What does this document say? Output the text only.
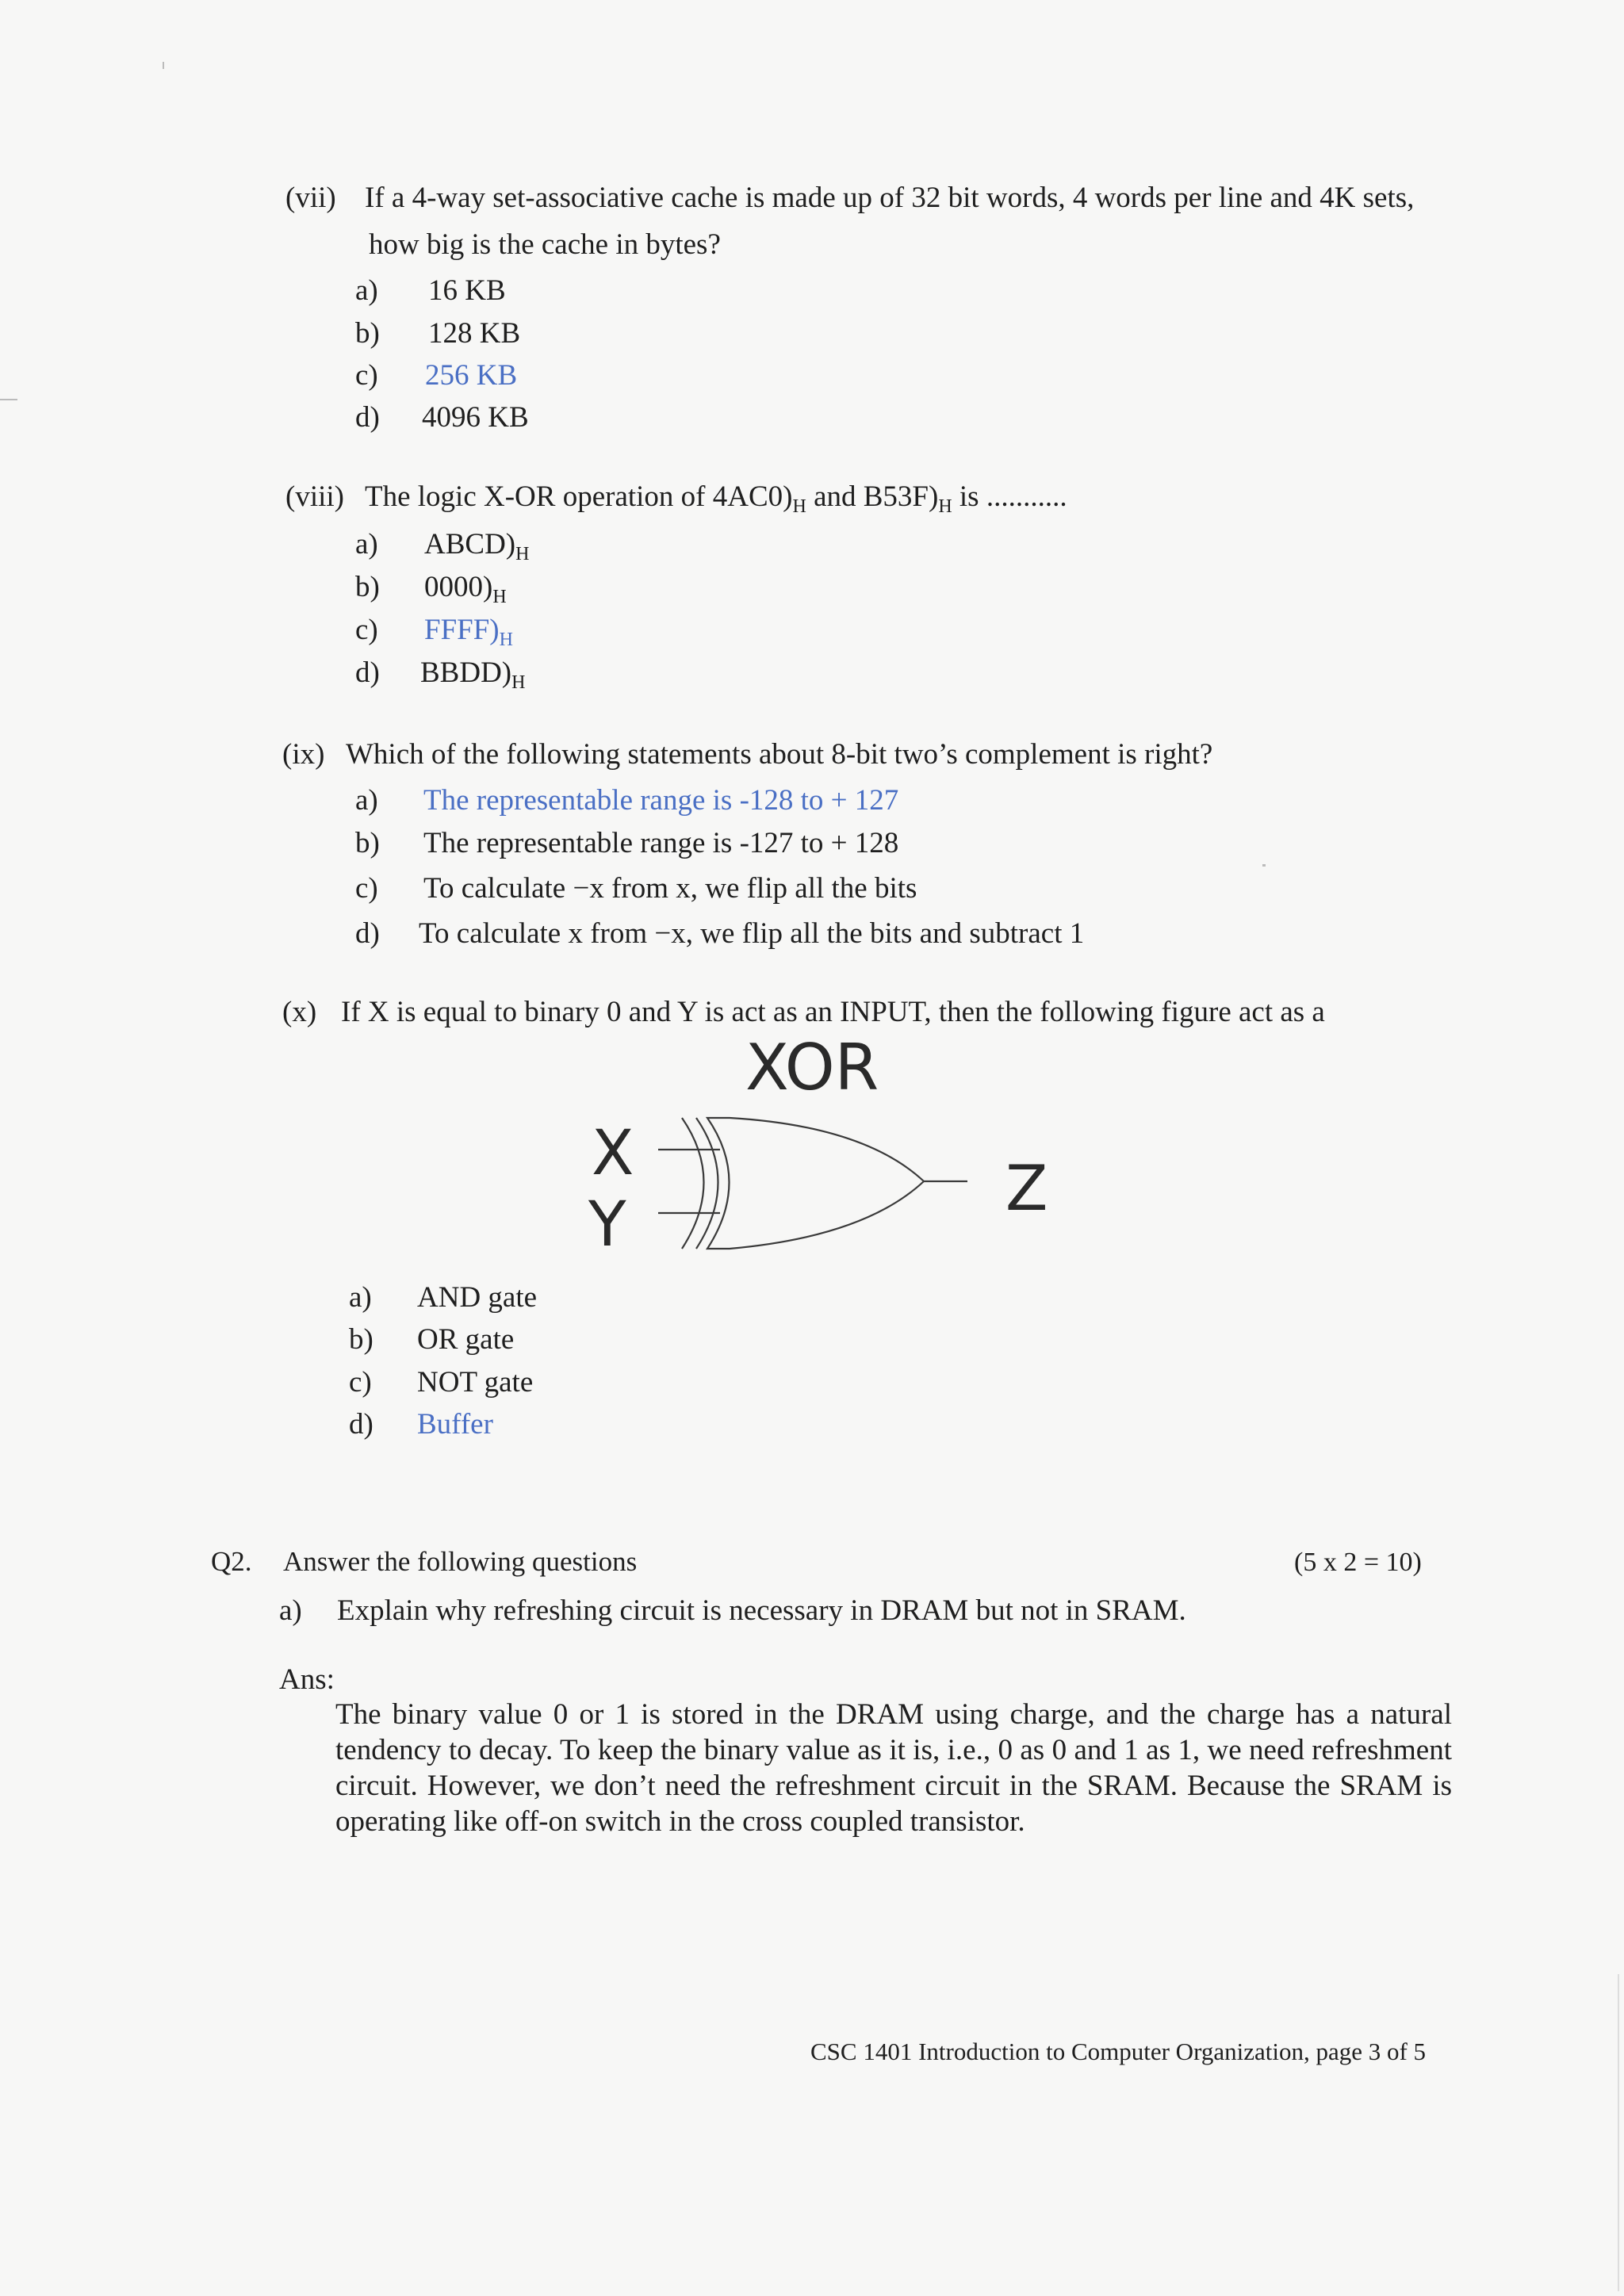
(vii) If a 4-way set-associative cache is made up of 32 bit words, 4 words per line and 4K sets,
how big is the cache in bytes?
a) 16 KB
b) 128 KB
c) 256 KB
d) 4096 KB
(viii) The logic X-OR operation of $4AC0)_H$ and $B53F)_H$ is ...........
a) $ABCD)_H$
b) $0000)_H$
c) $FFFF)_H$
d) $BBDD)_H$
(ix) Which of the following statements about 8-bit two’s complement is right?
a) The representable range is -128 to + 127
b) The representable range is -127 to + 128
c) To calculate −x from x, we flip all the bits
d) To calculate x from −x, we flip all the bits and subtract 1
(x) If X is equal to binary 0 and Y is act as an INPUT, then the following figure act as a
XOR
X
Y	Z
a) AND gate
b) OR gate
c) NOT gate
d) Buffer
Q2. Answer the following questions	(5 x 2 = 10)
a) Explain why refreshing circuit is necessary in DRAM but not in SRAM.
Ans:
The binary value 0 or 1 is stored in the DRAM using charge, and the charge has a natural tendency to decay. To keep the binary value as it is, i.e., 0 as 0 and 1 as 1, we need refreshment circuit. However, we don’t need the refreshment circuit in the SRAM. Because the SRAM is operating like off-on switch in the cross coupled transistor.
CSC 1401 Introduction to Computer Organization, page 3 of 5
